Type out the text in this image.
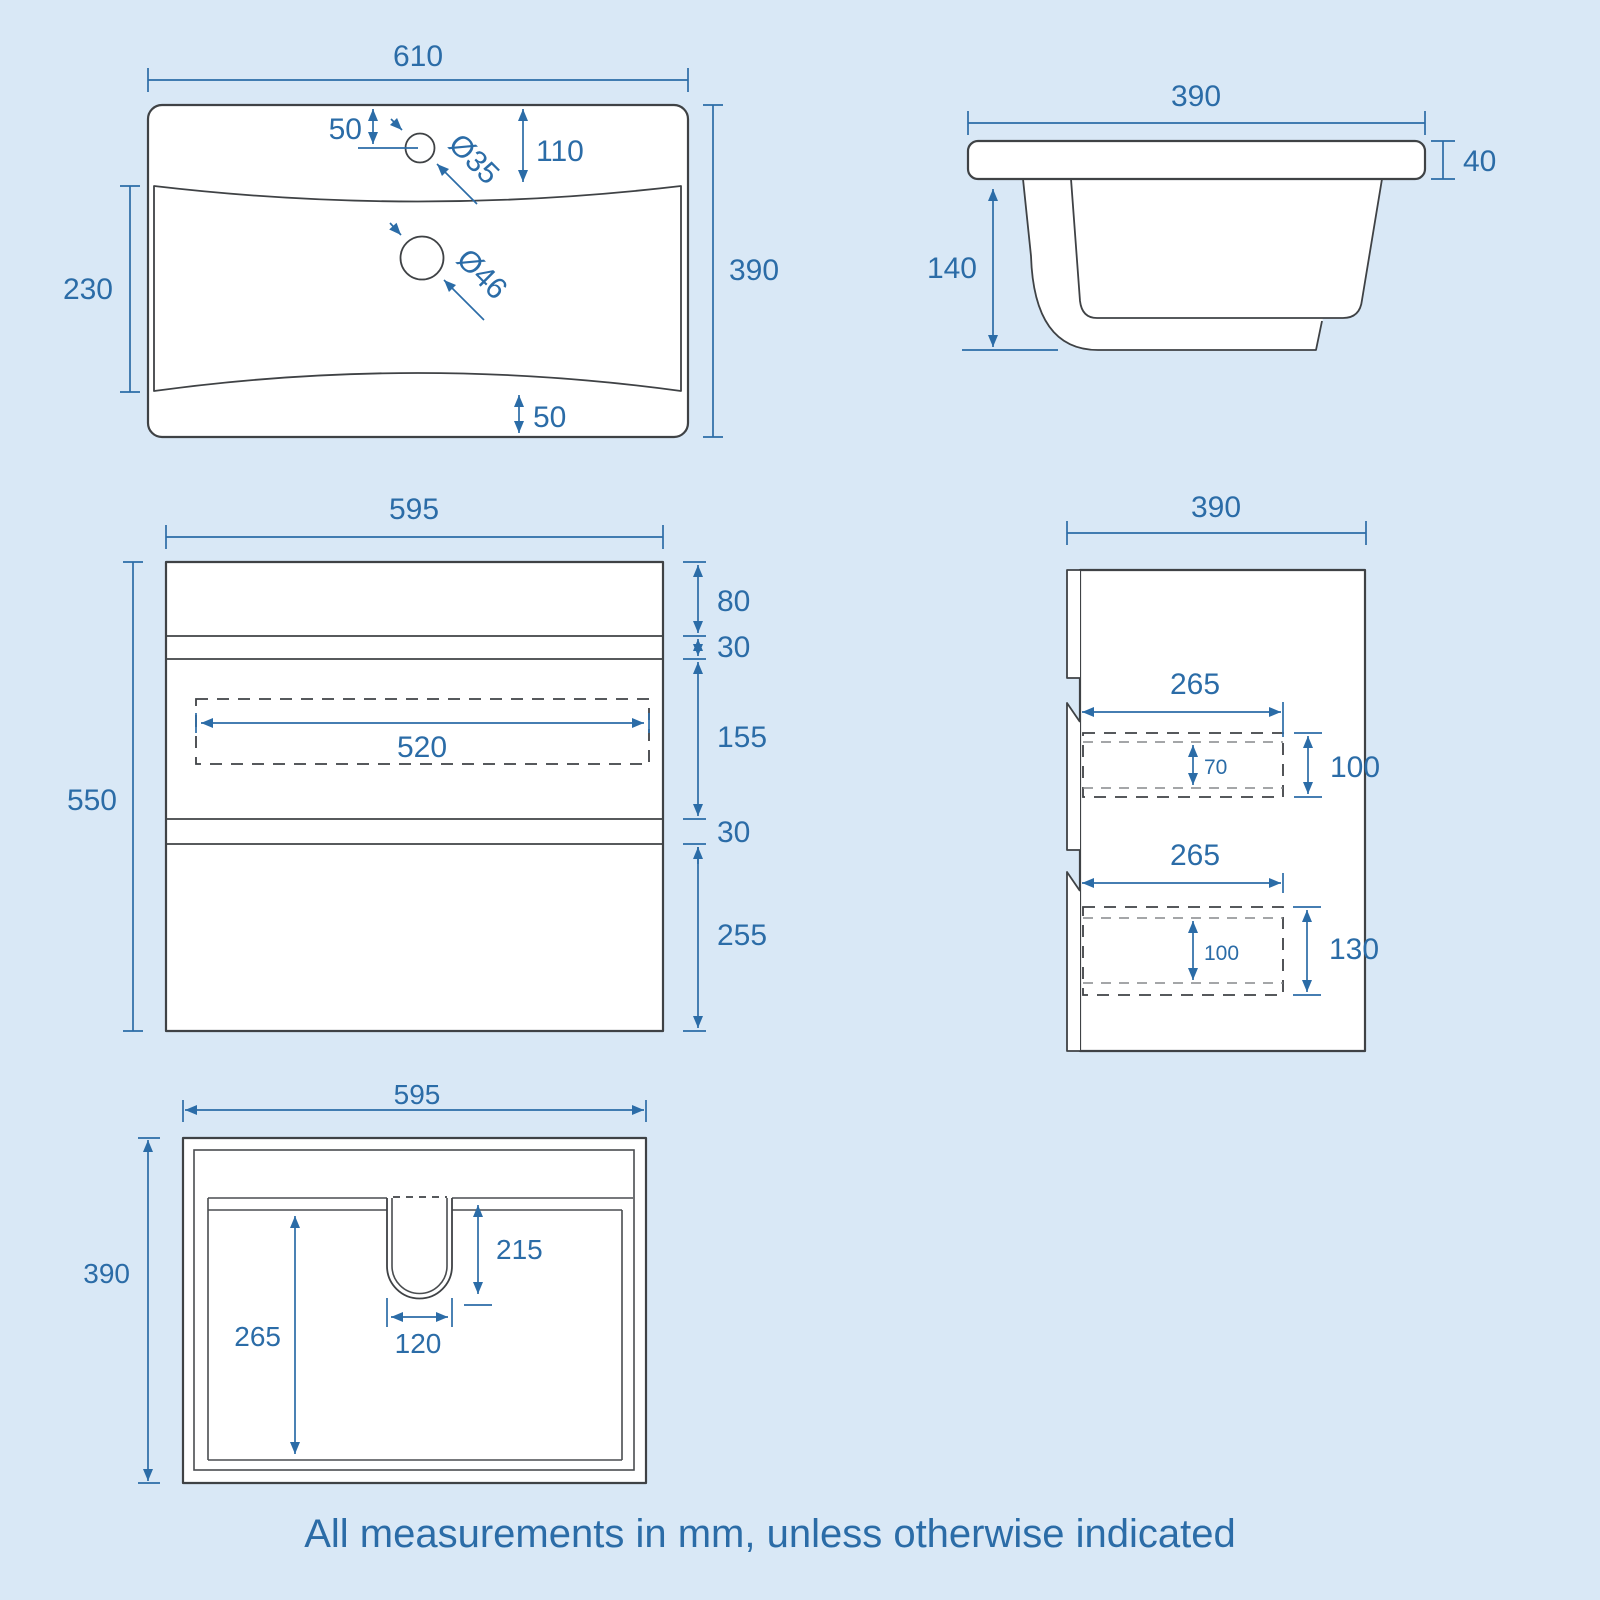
610
390
230
50
110
50
Ø35
Ø46
390
40
140
595
550
520
80
30
155
30
255
390
265
70	100
265
100	130
595
390
265
215
120
All measurements in mm, unless otherwise indicated
